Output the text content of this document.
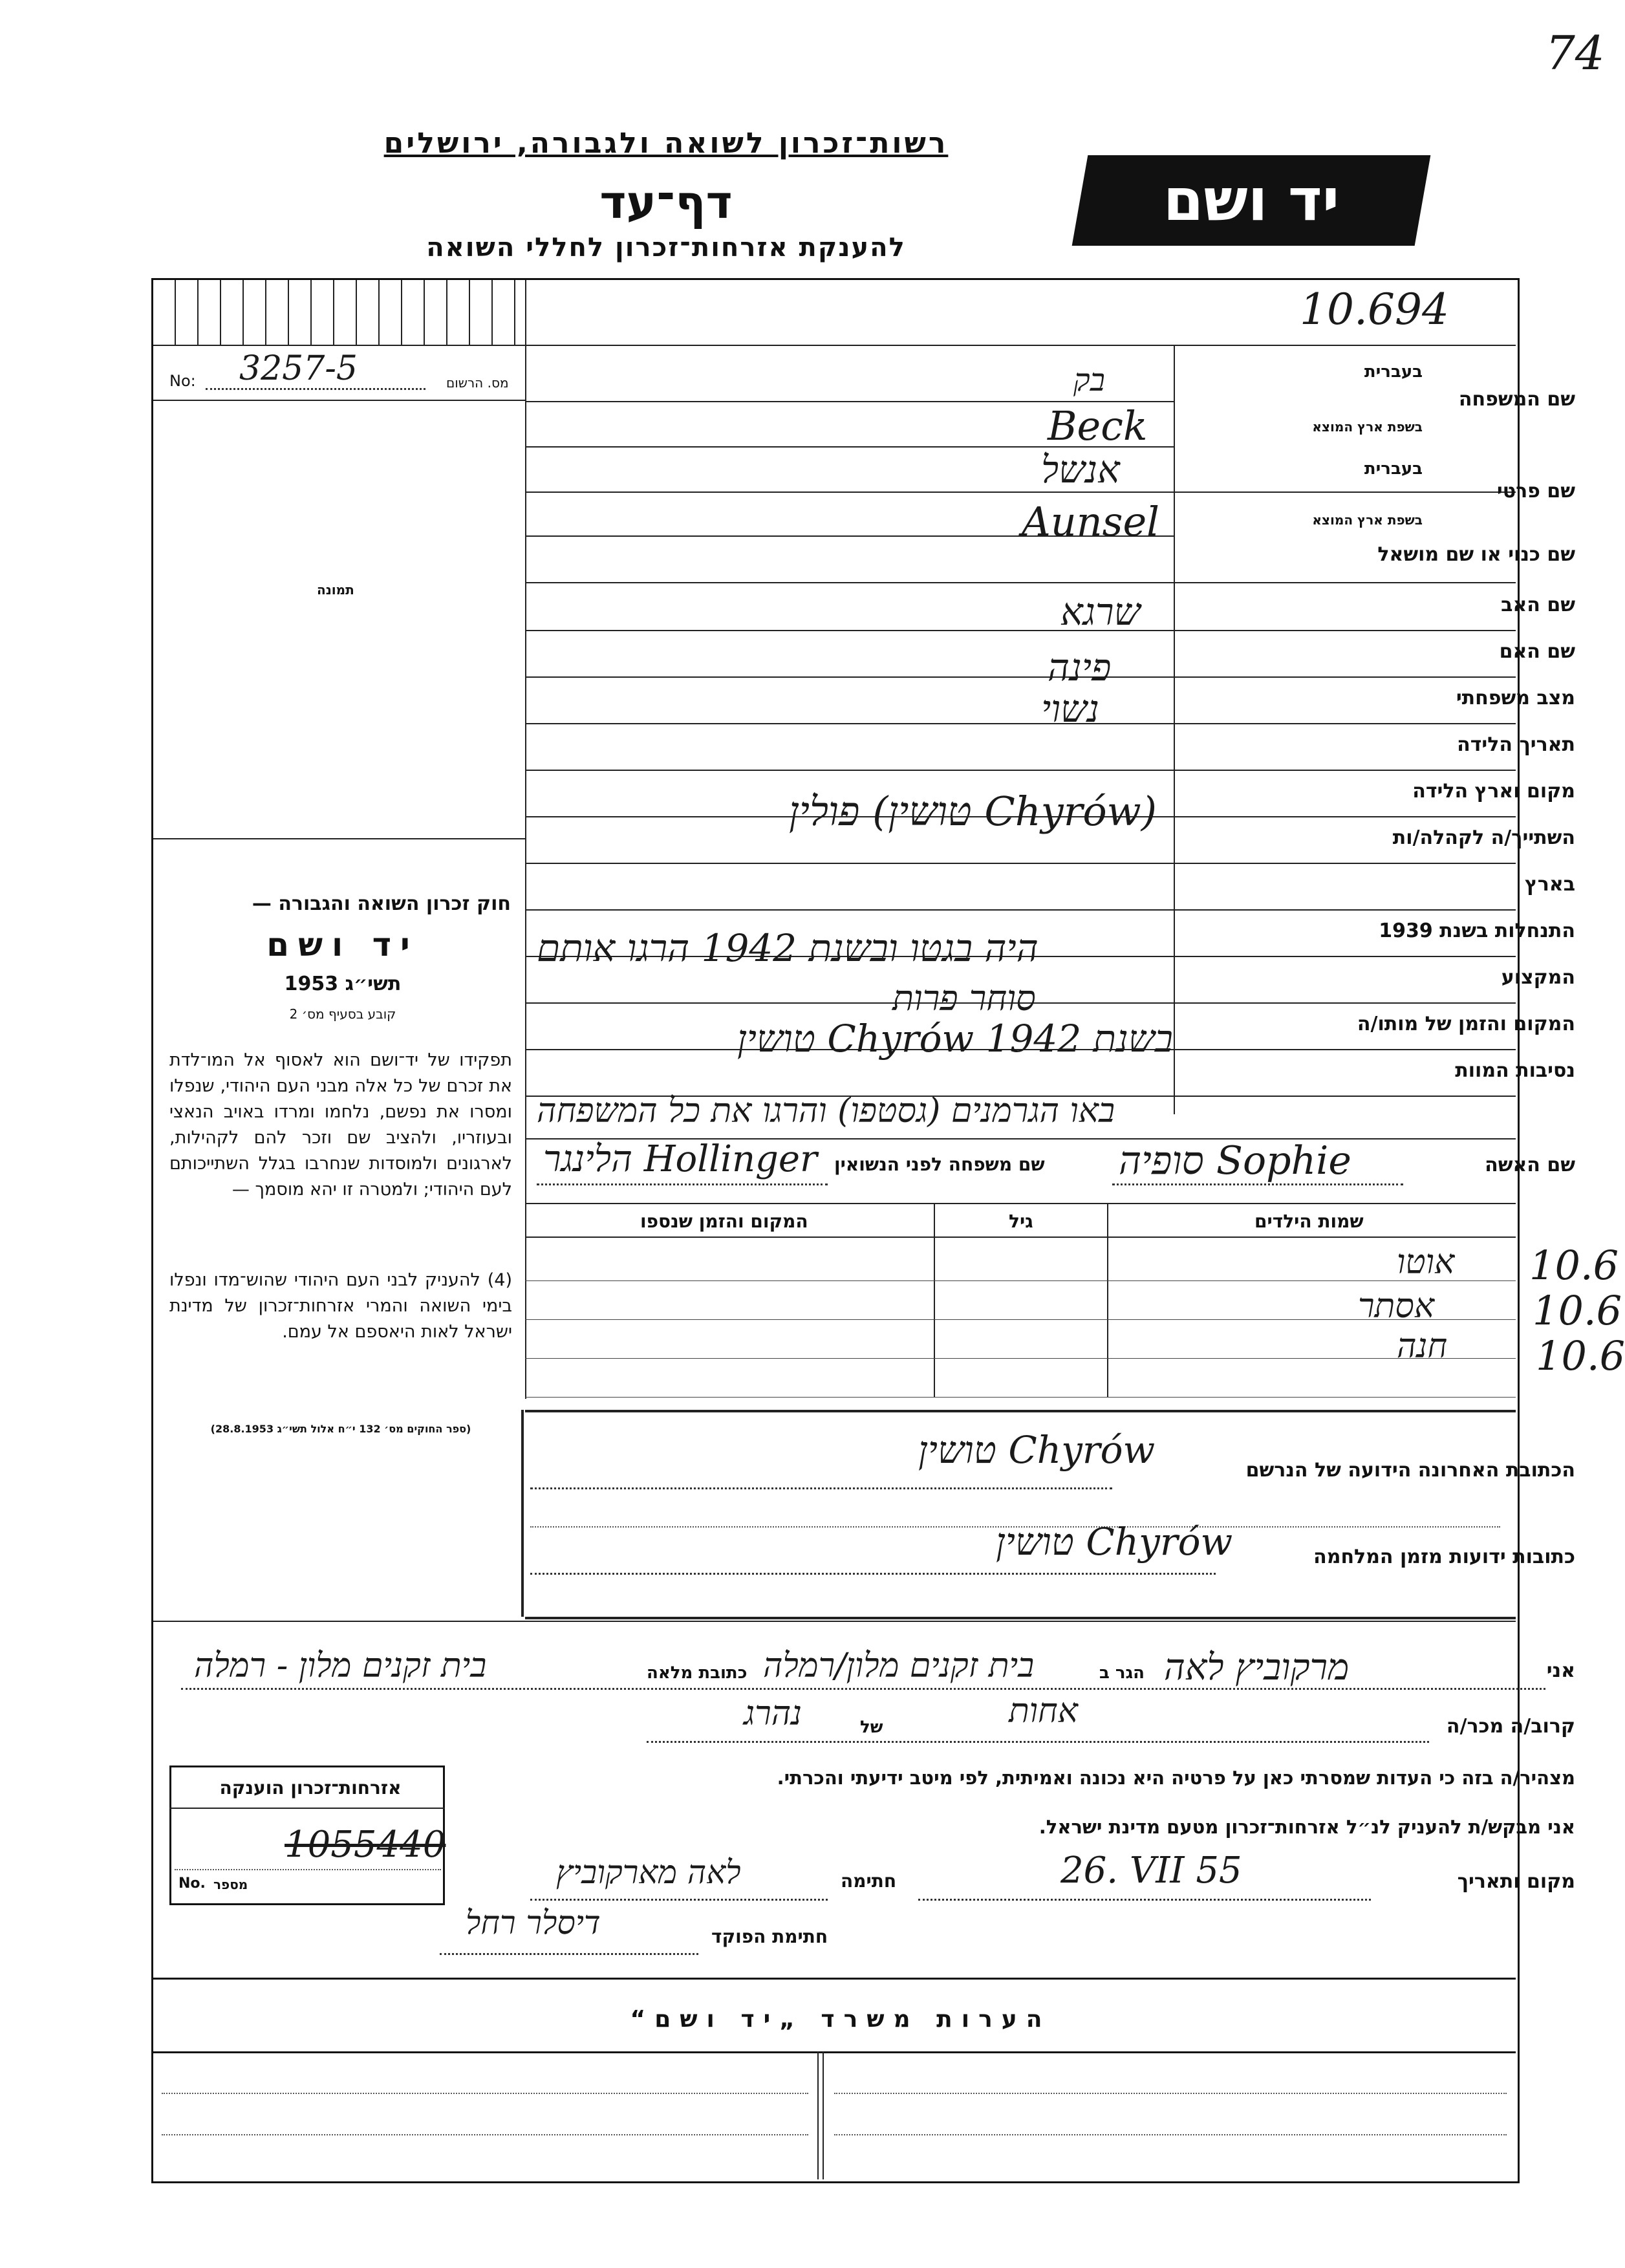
74
רשות־זכרון לשואה ולגבורה, ירושלים
דף־עד
להענקת אזרחות־זכרון לחללי השואה
יד ושם
10.694
No: 3257-5	מס. הרשום
תמונה
חוק זכרון השואה והגבורה —
יד ושם
תשי״ג 1953
קובע בסעיף מס׳ 2
תפקידו של יד־ושם הוא לאסוף אל המו־לדת את זכרם של כל אלה מבני העם היהודי, שנפלו ומסרו את נפשם, נלחמו ומרדו באויב הנאצי ובעוזריו, ולהציב שם וזכר להם לקהילות, לארגונים ולמוסדות שנחרבו בגלל השתייכותם לעם היהודי; ולמטרה זו יהא מוסמך —
(4) להעניק לבני העם היהודי שהוש־מדו ונפלו בימי השואה והמרי אזרחות־זכרון של מדינת ישראל לאות היאספם אל עמם.
(ספר החוקים מס׳ 132 י״ח אלול תשי״ג 28.8.1953)
בעברית
שם המשפחה
בשפת ארץ המוצא
בעברית
שם פרטי
בשפת ארץ המוצא
שם כנוי או שם מושאל
שם האב
שם האם
מצב משפחתי
תאריך הלידה
מקום וארץ הלידה
השתייך/ה לקהלה/ות
בארץ
התנחלות בשנת 1939
המקצוע
המקום והזמן של מותו/ה
נסיבות המוות
בק
Beck
אנשל
Aunsel
שרגא
פינה
נשוי
פולין (טושין Chyrów)
היה בגטו ובשנת 1942 הרגו אותם
סוחר פרות
טושין Chyrów בשנת 1942
באו הגרמנים (גסטפו) והרגו את כל המשפחה
שם האשה
שם משפחה לפני הנשואין סופיה Sophie
הלינגר Hollinger
שמות הילדים
גיל
המקום והזמן שנספו
אוטו
אסתר
חנה
10.6
10.6
10.6
הכתובת האחרונה הידועה של הנרשם
טושין Chyrów
כתובות ידועות מזמן המלחמה
טושין Chyrów
אני
מרקוביץ לאה
הגר ב
בית זקנים מלון/רמלה
כתובת מלאה
בית זקנים מלון - רמלה
קרוב/ה מכר/ה
אחות
של
נהרג
מצהיר/ה בזה כי העדות שמסרתי כאן על פרטיה היא נכונה ואמיתית, לפי מיטב ידיעתי והכרתי.
אני מבקש/ת להעניק לנ״ל אזרחות־זכרון מטעם מדינת ישראל.
מקום ותאריך
26. VII 55
חתימה
לאה מארקוביץ
חתימת הפוקד
דיסלר רחל
אזרחות־זכרון הוענקה
1055440
No. מספר
הערות משרד „יד ושם“
